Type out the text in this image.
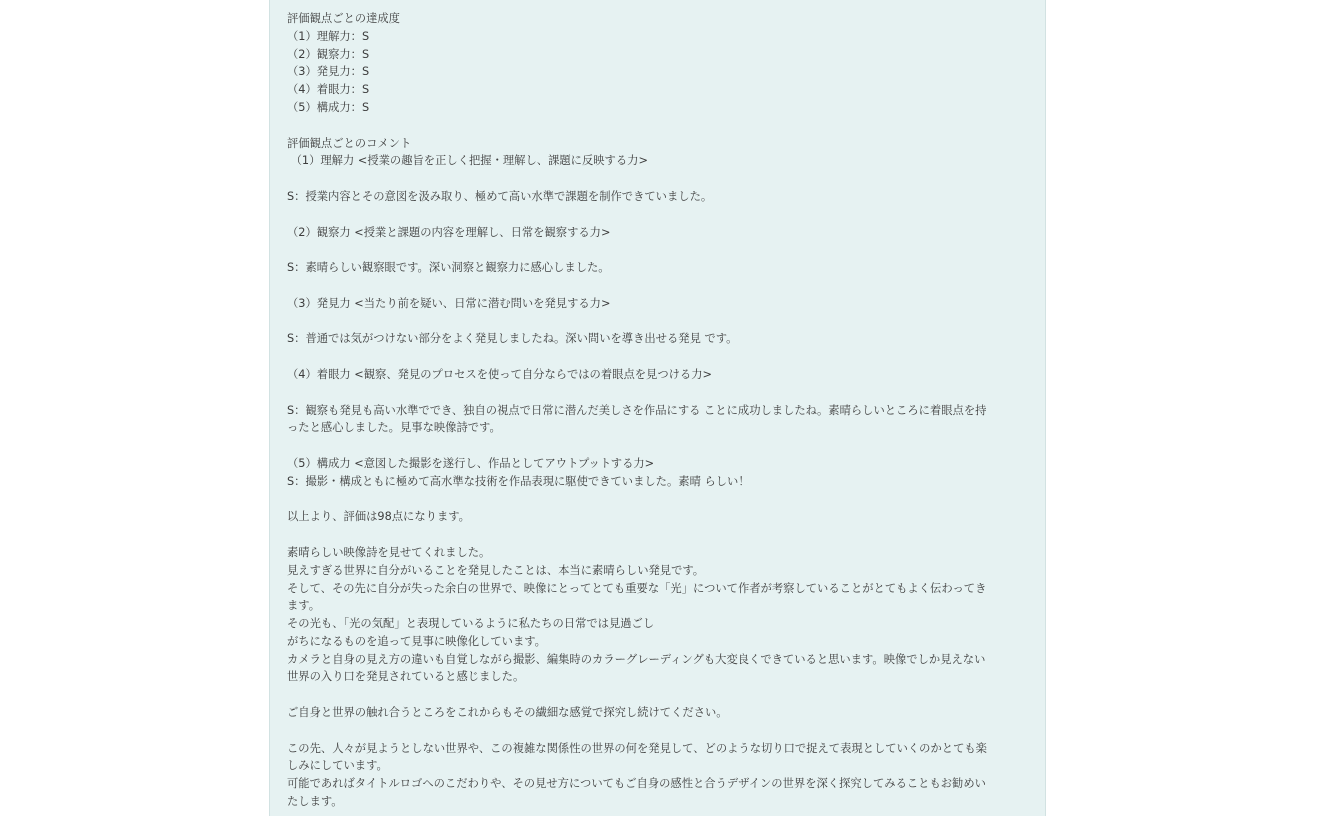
評価観点ごとの達成度
（1）理解力：S
（2）観察力：S
（3）発見力：S
（4）着眼力：S
（5）構成力：S
評価観点ごとのコメント
（1）理解力 <授業の趣旨を正しく把握・理解し、課題に反映する力>
S：授業内容とその意図を汲み取り、極めて高い水準で課題を制作できていました。
（2）観察力 <授業と課題の内容を理解し、日常を観察する力>
S：素晴らしい観察眼です。深い洞察と観察力に感心しました。
（3）発見力 <当たり前を疑い、日常に潜む問いを発見する力>
S：普通では気がつけない部分をよく発見しましたね。深い問いを導き出せる発見 です。
（4）着眼力 <観察、発見のプロセスを使って自分ならではの着眼点を見つける力>
S：観察も発見も高い水準ででき、独自の視点で日常に潜んだ美しさを作品にする ことに成功しましたね。素晴らしいところに着眼点を持
ったと感心しました。見事な映像詩です。
（5）構成力 <意図した撮影を遂行し、作品としてアウトプットする力>
S：撮影・構成ともに極めて高水準な技術を作品表現に駆使できていました。素晴 らしい！
以上より、評価は98点になります。
素晴らしい映像詩を見せてくれました。
見えすぎる世界に自分がいることを発見したことは、本当に素晴らしい発見です。
そして、その先に自分が失った余白の世界で、映像にとってとても重要な「光」について作者が考察していることがとてもよく伝わってき
ます。
その光も、「光の気配」と表現しているように私たちの日常では見過ごし
がちになるものを追って見事に映像化しています。
カメラと自身の見え方の違いも自覚しながら撮影、編集時のカラーグレーディングも大変良くできていると思います。映像でしか見えない
世界の入り口を発見されていると感じました。
ご自身と世界の触れ合うところをこれからもその繊細な感覚で探究し続けてください。
この先、人々が見ようとしない世界や、この複雑な関係性の世界の何を発見して、どのような切り口で捉えて表現としていくのかとても楽
しみにしています。
可能であればタイトルロゴへのこだわりや、その見せ方についてもご自身の感性と合うデザインの世界を深く探究してみることもお勧めい
たします。
